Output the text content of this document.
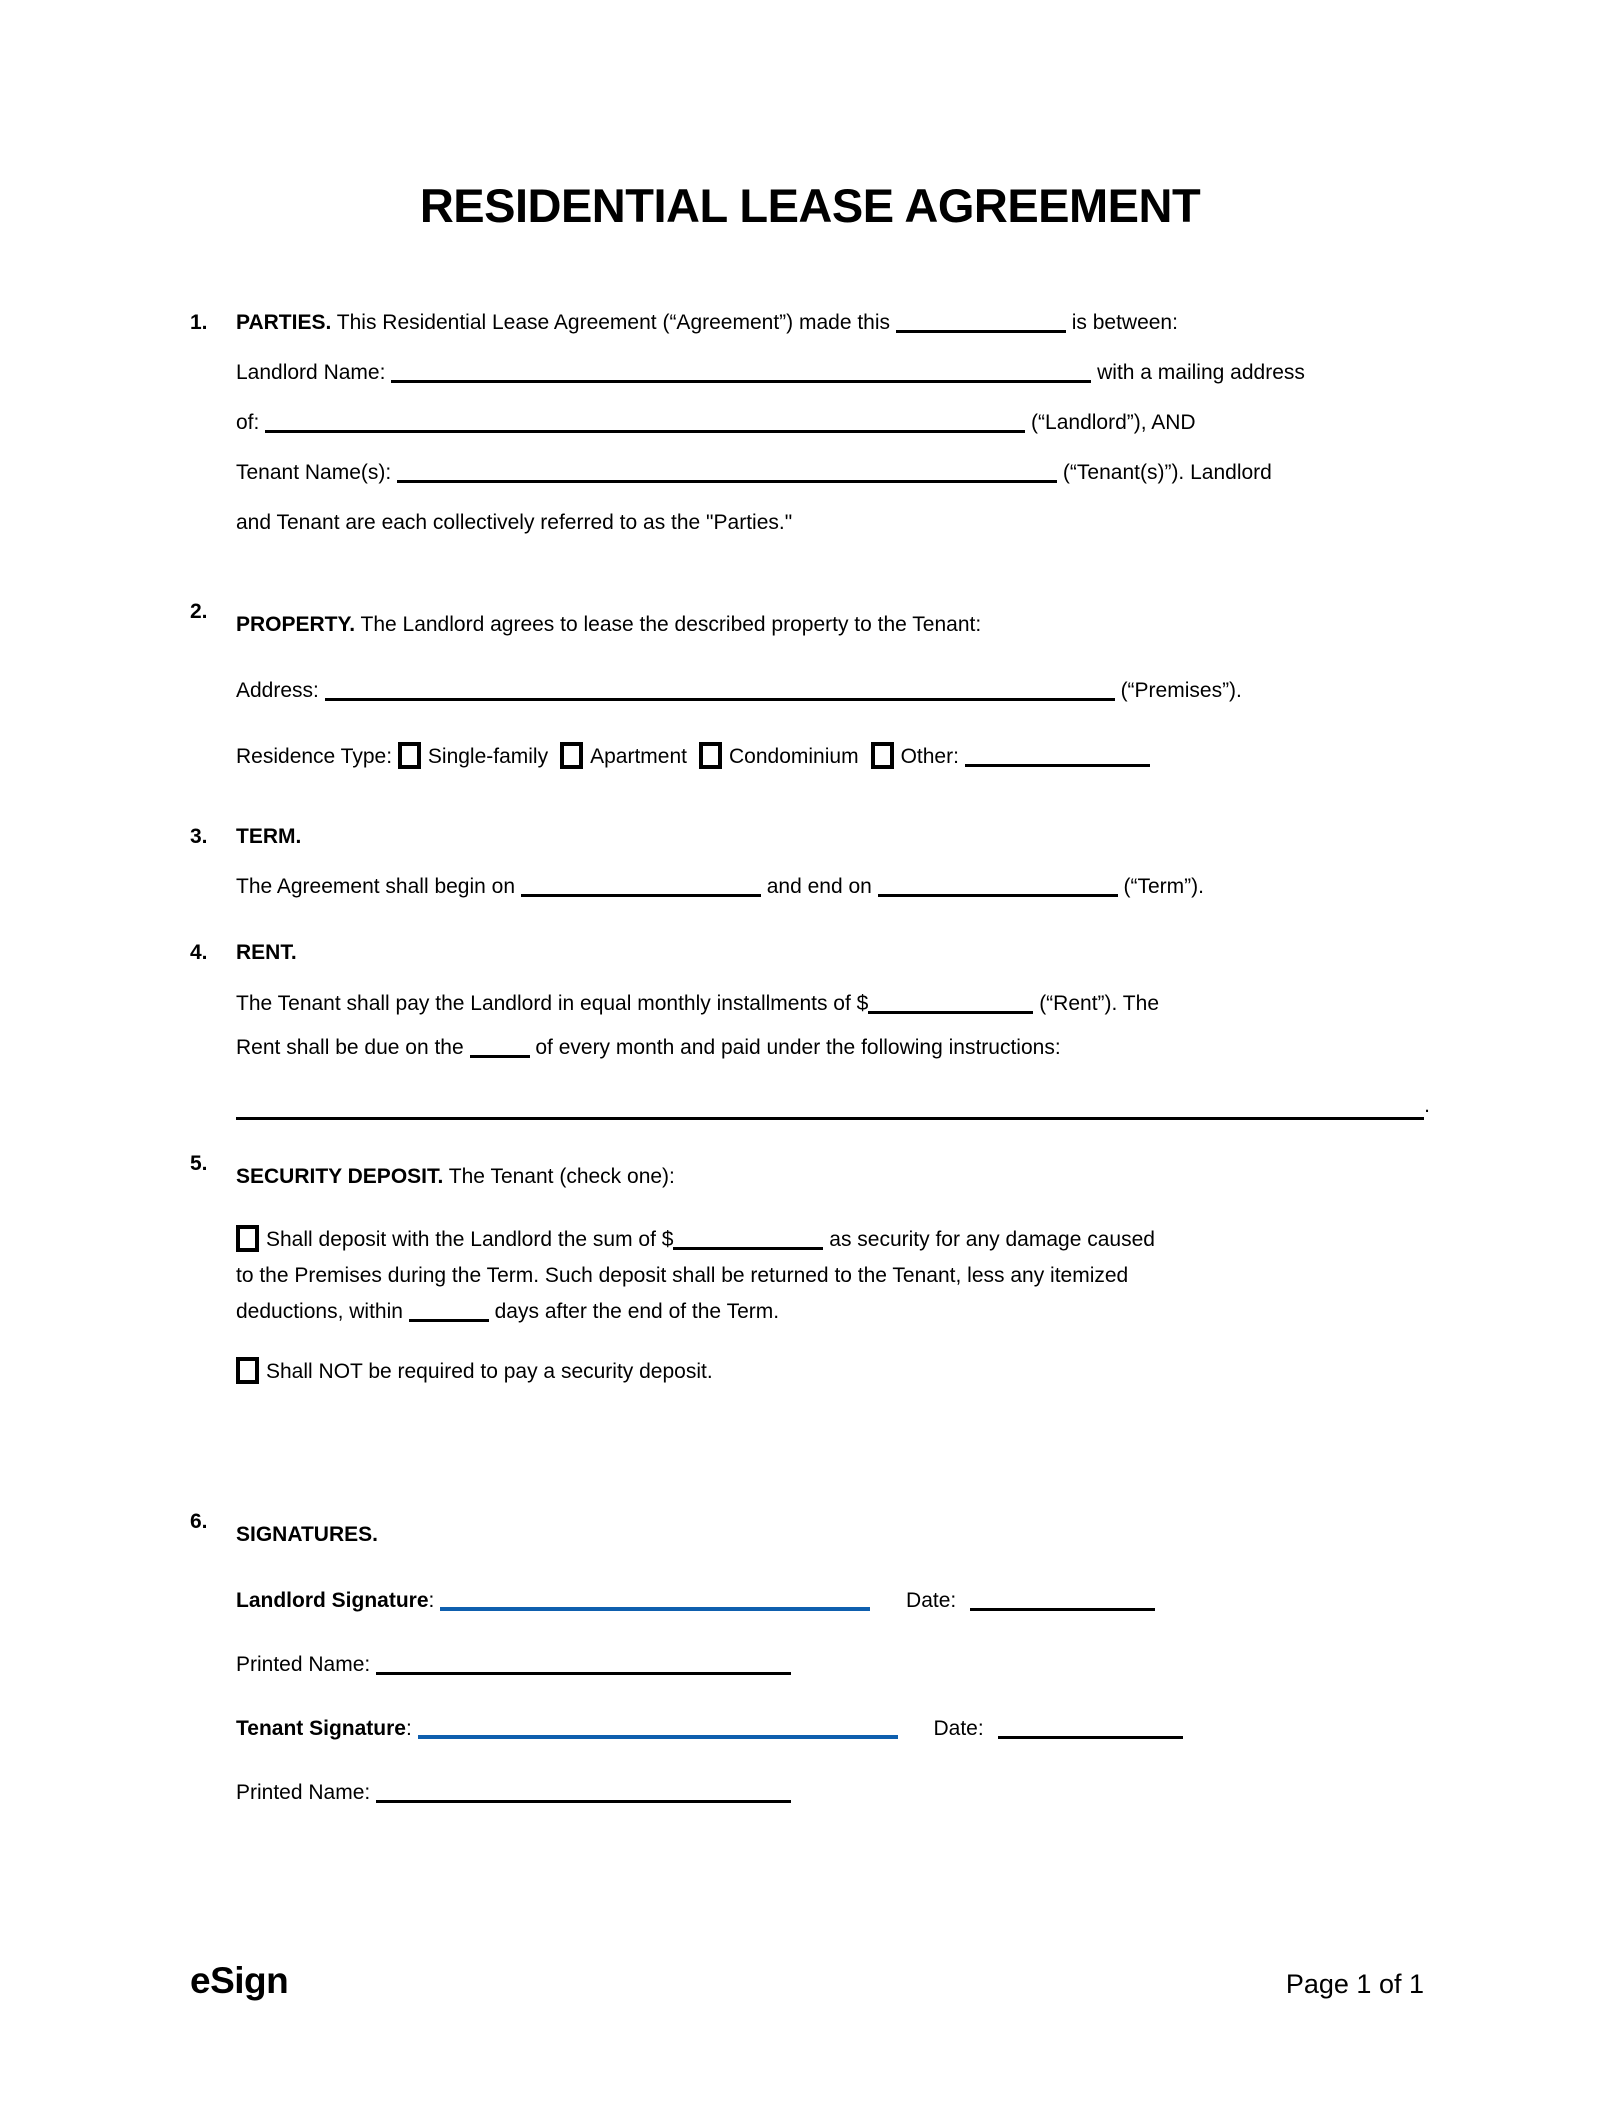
RESIDENTIAL LEASE AGREEMENT
1. PARTIES. This Residential Lease Agreement (“Agreement”) made this	is between:
Landlord Name:	with a mailing address
of:	(“Landlord”), AND
Tenant Name(s):	(“Tenant(s)”). Landlord
and Tenant are each collectively referred to as the "Parties."
2.
PROPERTY. The Landlord agrees to lease the described property to the Tenant:
Address:	(“Premises”).
Residence Type: Single-family Apartment Condominium Other:
3. TERM.
The Agreement shall begin on	and end on	(“Term”).
4. RENT.
The Tenant shall pay the Landlord in equal monthly installments of $	(“Rent”). The
Rent shall be due on the	of every month and paid under the following instructions:
.
5.
SECURITY DEPOSIT. The Tenant (check one):
Shall deposit with the Landlord the sum of $	as security for any damage caused
to the Premises during the Term. Such deposit shall be returned to the Tenant, less any itemized
deductions, within	days after the end of the Term.
Shall NOT be required to pay a security deposit.
6.
SIGNATURES.
Landlord Signature:	Date:
Printed Name:
Tenant Signature:	Date:
Printed Name:
eSign	Page 1 of 1
